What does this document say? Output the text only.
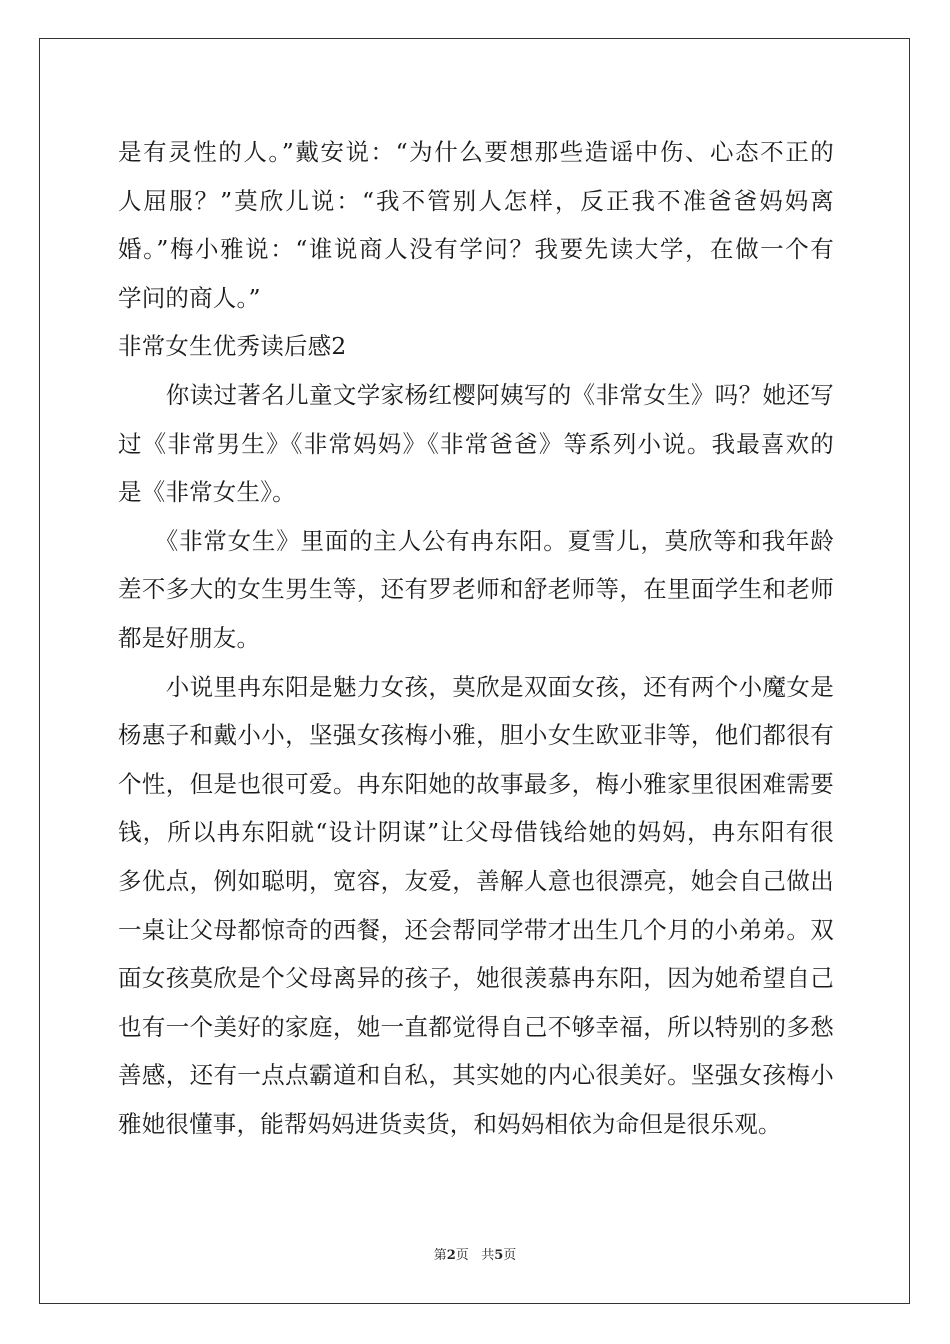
是有灵性的人。”戴安说：“为什么要想那些造谣中伤、心态不正的
人屈服？”莫欣儿说：“我不管别人怎样，反正我不准爸爸妈妈离
婚。”梅小雅说：“谁说商人没有学问？我要先读大学，在做一个有
学问的商人。”
非常女生优秀读后感2
　　你读过著名儿童文学家杨红樱阿姨写的《非常女生》吗？她还写
过《非常男生》《非常妈妈》《非常爸爸》等系列小说。我最喜欢的
是《非常女生》。
　　《非常女生》里面的主人公有冉东阳。夏雪儿，莫欣等和我年龄
差不多大的女生男生等，还有罗老师和舒老师等，在里面学生和老师
都是好朋友。
　　小说里冉东阳是魅力女孩，莫欣是双面女孩，还有两个小魔女是
杨惠子和戴小小，坚强女孩梅小雅，胆小女生欧亚非等，他们都很有
个性，但是也很可爱。冉东阳她的故事最多，梅小雅家里很困难需要
钱，所以冉东阳就“设计阴谋”让父母借钱给她的妈妈，冉东阳有很
多优点，例如聪明，宽容，友爱，善解人意也很漂亮，她会自己做出
一桌让父母都惊奇的西餐，还会帮同学带才出生几个月的小弟弟。双
面女孩莫欣是个父母离异的孩子，她很羡慕冉东阳，因为她希望自己
也有一个美好的家庭，她一直都觉得自己不够幸福，所以特别的多愁
善感，还有一点点霸道和自私，其实她的内心很美好。坚强女孩梅小
雅她很懂事，能帮妈妈进货卖货，和妈妈相依为命但是很乐观。
第2页 共5页
